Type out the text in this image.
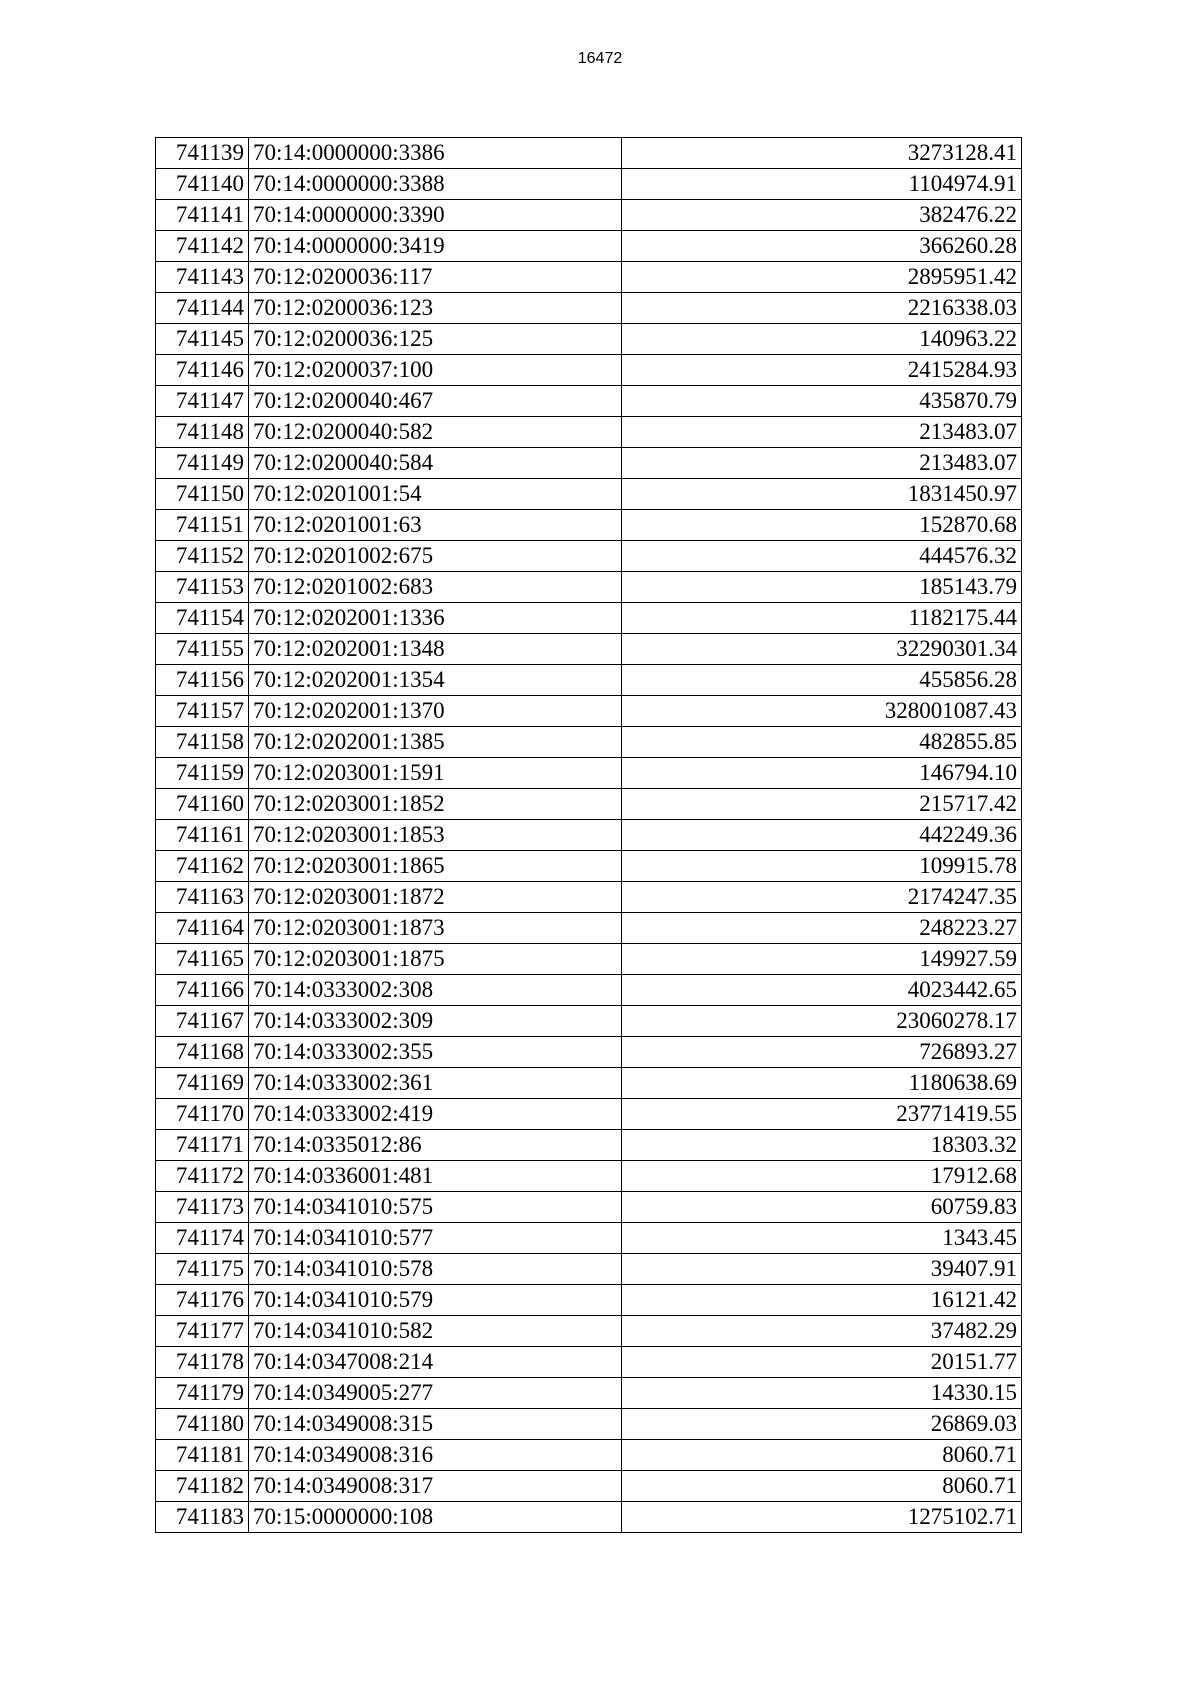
16472
741139	70:14:0000000:3386	3273128.41
741140	70:14:0000000:3388	1104974.91
741141	70:14:0000000:3390	382476.22
741142	70:14:0000000:3419	366260.28
741143	70:12:0200036:117	2895951.42
741144	70:12:0200036:123	2216338.03
741145	70:12:0200036:125	140963.22
741146	70:12:0200037:100	2415284.93
741147	70:12:0200040:467	435870.79
741148	70:12:0200040:582	213483.07
741149	70:12:0200040:584	213483.07
741150	70:12:0201001:54	1831450.97
741151	70:12:0201001:63	152870.68
741152	70:12:0201002:675	444576.32
741153	70:12:0201002:683	185143.79
741154	70:12:0202001:1336	1182175.44
741155	70:12:0202001:1348	32290301.34
741156	70:12:0202001:1354	455856.28
741157	70:12:0202001:1370	328001087.43
741158	70:12:0202001:1385	482855.85
741159	70:12:0203001:1591	146794.10
741160	70:12:0203001:1852	215717.42
741161	70:12:0203001:1853	442249.36
741162	70:12:0203001:1865	109915.78
741163	70:12:0203001:1872	2174247.35
741164	70:12:0203001:1873	248223.27
741165	70:12:0203001:1875	149927.59
741166	70:14:0333002:308	4023442.65
741167	70:14:0333002:309	23060278.17
741168	70:14:0333002:355	726893.27
741169	70:14:0333002:361	1180638.69
741170	70:14:0333002:419	23771419.55
741171	70:14:0335012:86	18303.32
741172	70:14:0336001:481	17912.68
741173	70:14:0341010:575	60759.83
741174	70:14:0341010:577	1343.45
741175	70:14:0341010:578	39407.91
741176	70:14:0341010:579	16121.42
741177	70:14:0341010:582	37482.29
741178	70:14:0347008:214	20151.77
741179	70:14:0349005:277	14330.15
741180	70:14:0349008:315	26869.03
741181	70:14:0349008:316	8060.71
741182	70:14:0349008:317	8060.71
741183	70:15:0000000:108	1275102.71
